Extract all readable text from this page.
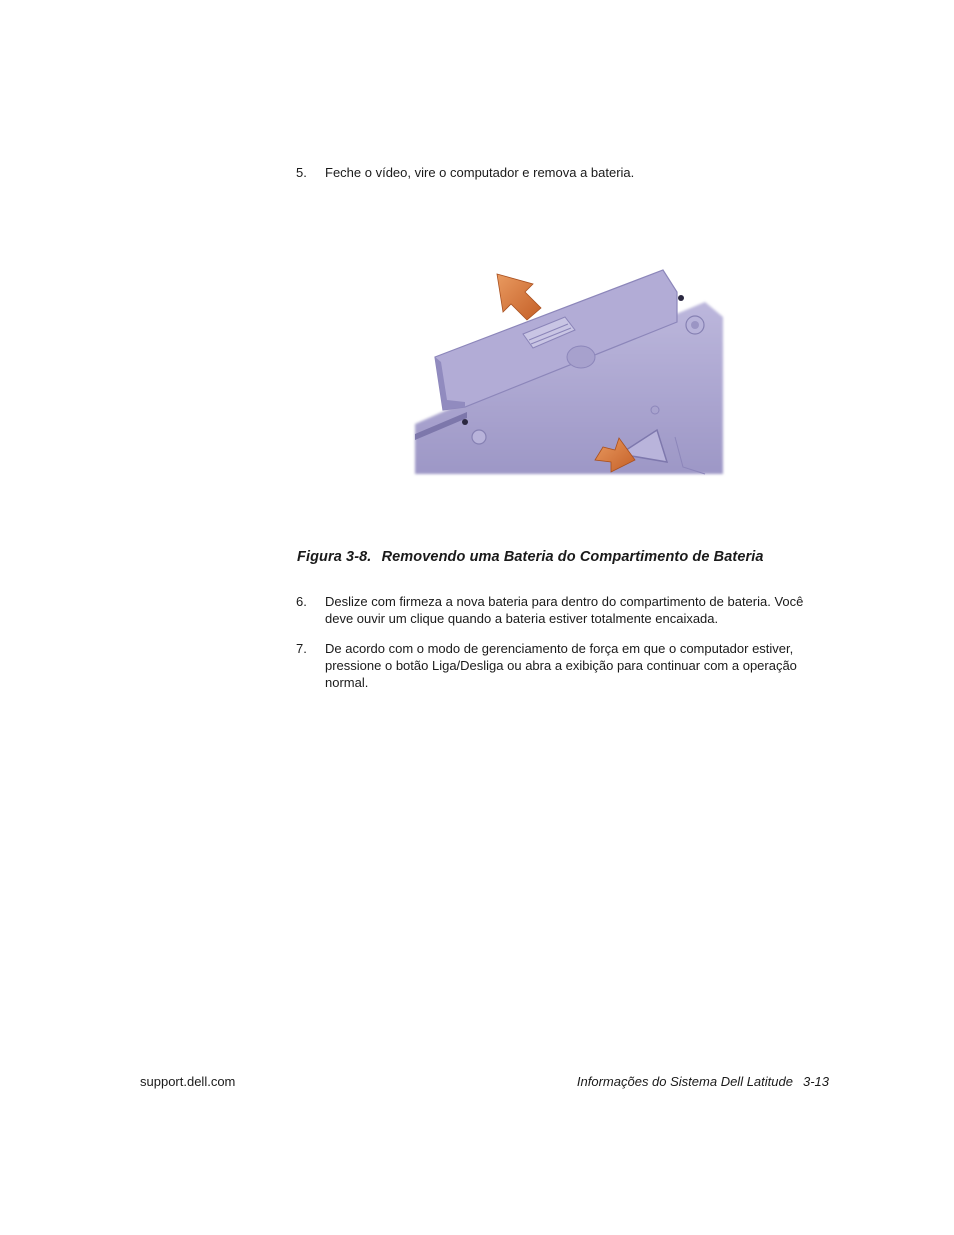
5. Feche o vídeo, vire o computador e remova a bateria.
Figura 3-8. Removendo uma Bateria do Compartimento de Bateria
6. Deslize com firmeza a nova bateria para dentro do compartimento de bateria. Você deve ouvir um clique quando a bateria estiver totalmente encaixada.
7. De acordo com o modo de gerenciamento de força em que o computador estiver, pressione o botão Liga/Desliga ou abra a exibição para continuar com a operação normal.
support.dell.com	Informações do Sistema Dell Latitude 3-13
